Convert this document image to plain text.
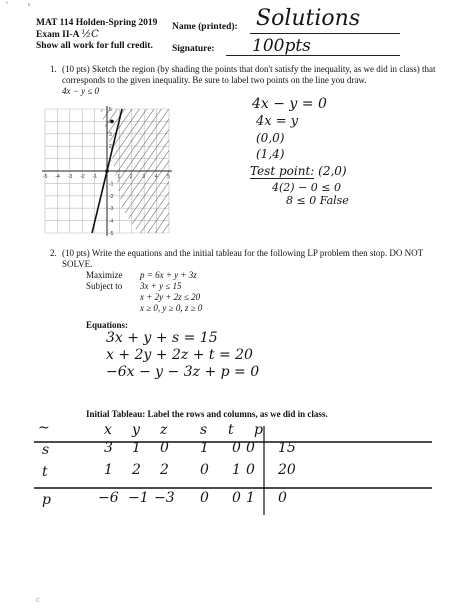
"	c
MAT 114 Holden-Spring 2019
Exam II-A ½C
Show all work for full credit.
Name (printed): Solutions
Signature: 100pts
1. (10 pts) Sketch the region (by shading the points that don't satisfy the inequality, as we did in class) that
corresponds to the given inequality. Be sure to label two points on the line you draw.
4x − y ≤ 0
-5 -4 -3 -2 -1	1 2 3 4 5
5
4
3
2
1
-1
-2
-3
-4
-5
4x − y = 0
4x = y
(0,0)
(1,4)
Test point: (2,0)
4(2) − 0 ≤ 0
8 ≤ 0 False
2. (10 pts) Write the equations and the initial tableau for the following LP problem then stop. DO NOT
SOLVE.
Maximize p = 6x + y + 3z
Subject to 3x + y ≤ 15
x + 2y + 2z ≤ 20
x ≥ 0, y ≥ 0, z ≥ 0
Equations:
3x + y + s = 15
x + 2y + 2z + t = 20
−6x − y − 3z + p = 0
Initial Tableau: Label the rows and columns, as we did in class.
~	x y z s t p
s	3 1 0 1 0 0 15
t	1 2 2 0 1 0 20
p	−6 −1 −3 0 0 1 0
C
